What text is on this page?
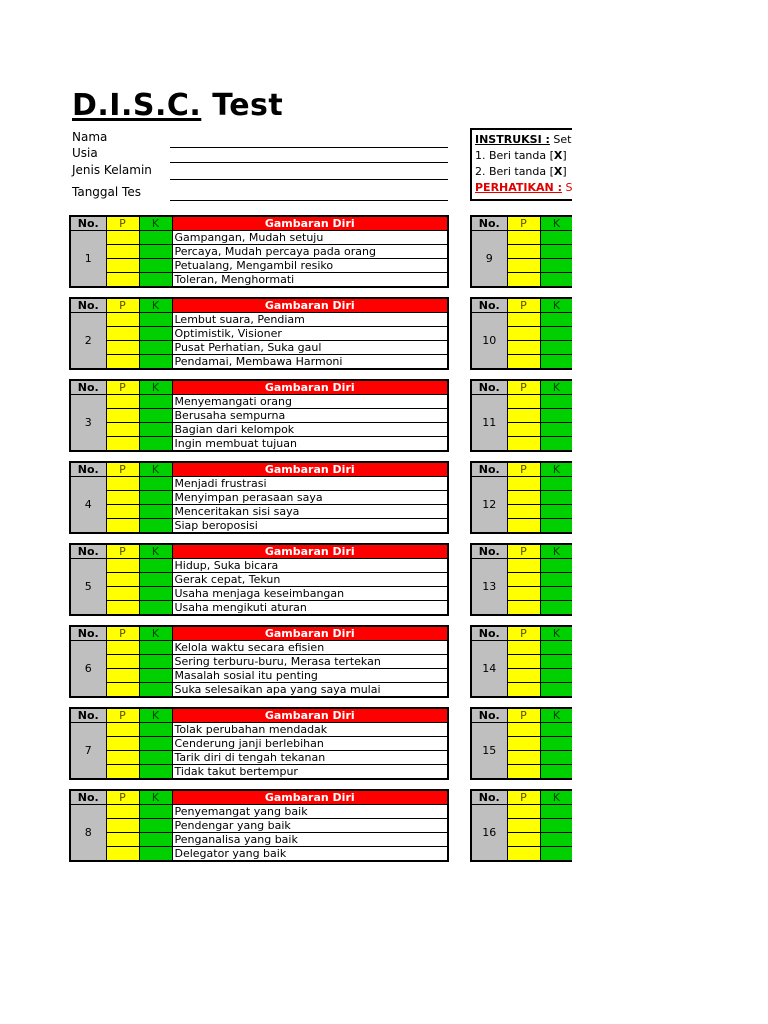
D.I.S.C. Test
Nama
Usia
Jenis Kelamin
Tanggal Tes
INSTRUKSI : Set
1. Beri tanda [X]
2. Beri tanda [X]
PERHATIKAN : S
No.	P	K	Gambaran Diri
1			Gampangan, Mudah setuju
			Percaya, Mudah percaya pada orang
			Petualang, Mengambil resiko
			Toleran, Menghormati
No.	P	K	Gambaran Diri
2			Lembut suara, Pendiam
			Optimistik, Visioner
			Pusat Perhatian, Suka gaul
			Pendamai, Membawa Harmoni
No.	P	K	Gambaran Diri
3			Menyemangati orang
			Berusaha sempurna
			Bagian dari kelompok
			Ingin membuat tujuan
No.	P	K	Gambaran Diri
4			Menjadi frustrasi
			Menyimpan perasaan saya
			Menceritakan sisi saya
			Siap beroposisi
No.	P	K	Gambaran Diri
5			Hidup, Suka bicara
			Gerak cepat, Tekun
			Usaha menjaga keseimbangan
			Usaha mengikuti aturan
No.	P	K	Gambaran Diri
6			Kelola waktu secara efisien
			Sering terburu-buru, Merasa tertekan
			Masalah sosial itu penting
			Suka selesaikan apa yang saya mulai
No.	P	K	Gambaran Diri
7			Tolak perubahan mendadak
			Cenderung janji berlebihan
			Tarik diri di tengah tekanan
			Tidak takut bertempur
No.	P	K	Gambaran Diri
8			Penyemangat yang baik
			Pendengar yang baik
			Penganalisa yang baik
			Delegator yang baik
No.	P	K	
9			

No.	P	K	
10			

No.	P	K	
11			

No.	P	K	
12			

No.	P	K	
13			

No.	P	K	
14			

No.	P	K	
15			

No.	P	K	
16			
